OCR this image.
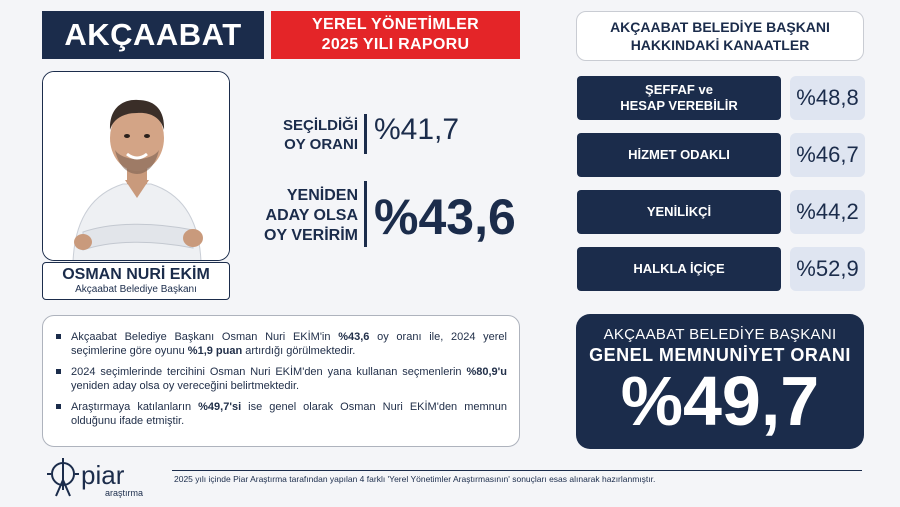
AKÇAABAT	YEREL YÖNETİMLER
2025 YILI RAPORU
OSMAN NURİ EKİM
Akçaabat Belediye Başkanı
SEÇİLDİĞİ
OY ORANI %41,7
YENİDEN
ADAY OLSA
OY VERİRİM %43,6
AKÇAABAT BELEDİYE BAŞKANI
HAKKINDAKİ KANAATLER
ŞEFFAF ve
HESAP VEREBİLİR	%48,8
HİZMET ODAKLI	%46,7
YENİLİKÇİ	%44,2
HALKLA İÇİÇE	%52,9
Akçaabat Belediye Başkanı Osman Nuri EKİM'in %43,6 oy oranı ile, 2024 yerel seçimlerine göre oyunu %1,9 puan artırdığı görülmektedir.
2024 seçimlerinde tercihini Osman Nuri EKİM'den yana kullanan seçmenlerin %80,9'u yeniden aday olsa oy vereceğini belirtmektedir.
Araştırmaya katılanların %49,7'si ise genel olarak Osman Nuri EKİM'den memnun olduğunu ifade etmiştir.
AKÇAABAT BELEDİYE BAŞKANI
GENEL MEMNUNİYET ORANI
%49,7
piar
araştırma
2025 yılı içinde Piar Araştırma tarafından yapılan 4 farklı 'Yerel Yönetimler Araştırmasının' sonuçları esas alınarak hazırlanmıştır.
